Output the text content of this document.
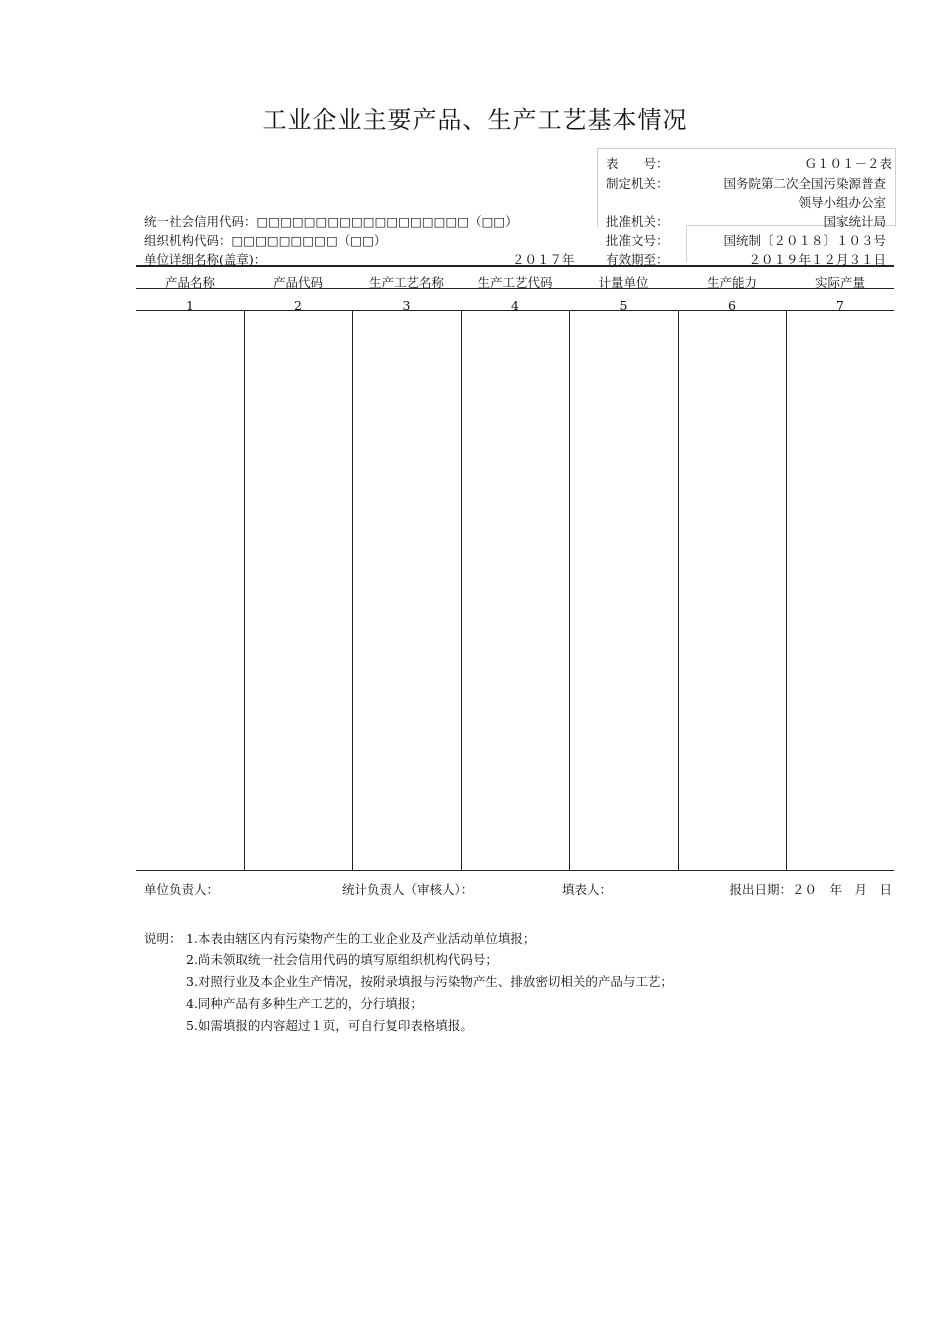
工业企业主要产品、生产工艺基本情况
表　　号：	Ｇ１０１－２表
制定机关：	国务院第二次全国污染源普查
领导小组办公室
批准机关：	国家统计局
批准文号：	国统制〔２０１８〕１０３号
有效期至：	２０１９年１２月３１日
统一社会信用代码：□□□□□□□□□□□□□□□□□□（□□）
组织机构代码：□□□□□□□□□（□□）
单位详细名称(盖章)：	２０１７年
产品名称	产品代码	生产工艺名称	生产工艺代码	计量单位	生产能力	实际产量
1	2	3	4	5	6	7
单位负责人：	统计负责人（审核人）：	填表人：	报出日期：２０　年　月　日
说明： 1.本表由辖区内有污染物产生的工业企业及产业活动单位填报；
2.尚未领取统一社会信用代码的填写原组织机构代码号；
3.对照行业及本企业生产情况，按附录填报与污染物产生、排放密切相关的产品与工艺；
4.同种产品有多种生产工艺的，分行填报；
5.如需填报的内容超过１页，可自行复印表格填报。
